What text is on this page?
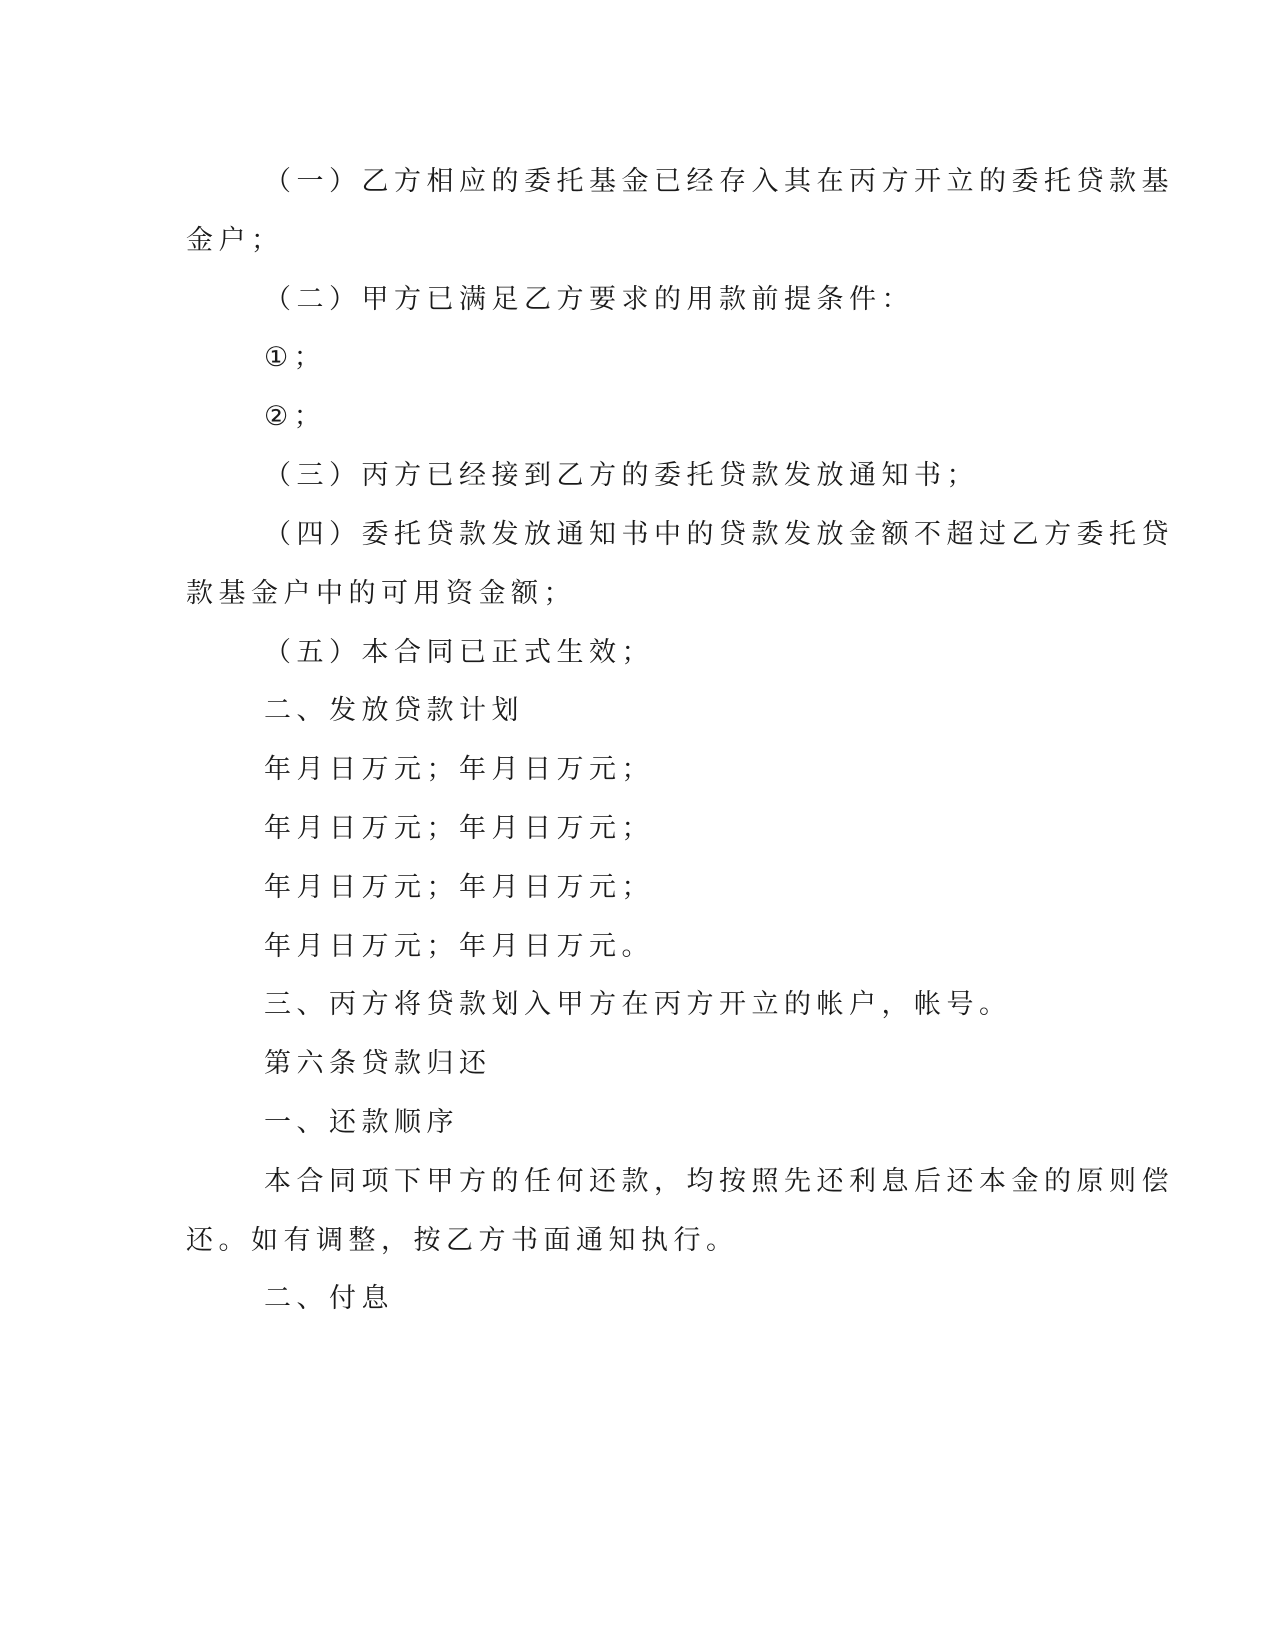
（一）乙方相应的委托基金已经存入其在丙方开立的委托贷款基
金户；
（二）甲方已满足乙方要求的用款前提条件：
①；
②；
（三）丙方已经接到乙方的委托贷款发放通知书；
（四）委托贷款发放通知书中的贷款发放金额不超过乙方委托贷
款基金户中的可用资金额；
（五）本合同已正式生效；
二、发放贷款计划
年月日万元；年月日万元；
年月日万元；年月日万元；
年月日万元；年月日万元；
年月日万元；年月日万元。
三、丙方将贷款划入甲方在丙方开立的帐户，帐号。
第六条贷款归还
一、还款顺序
本合同项下甲方的任何还款，均按照先还利息后还本金的原则偿
还。如有调整，按乙方书面通知执行。
二、付息
